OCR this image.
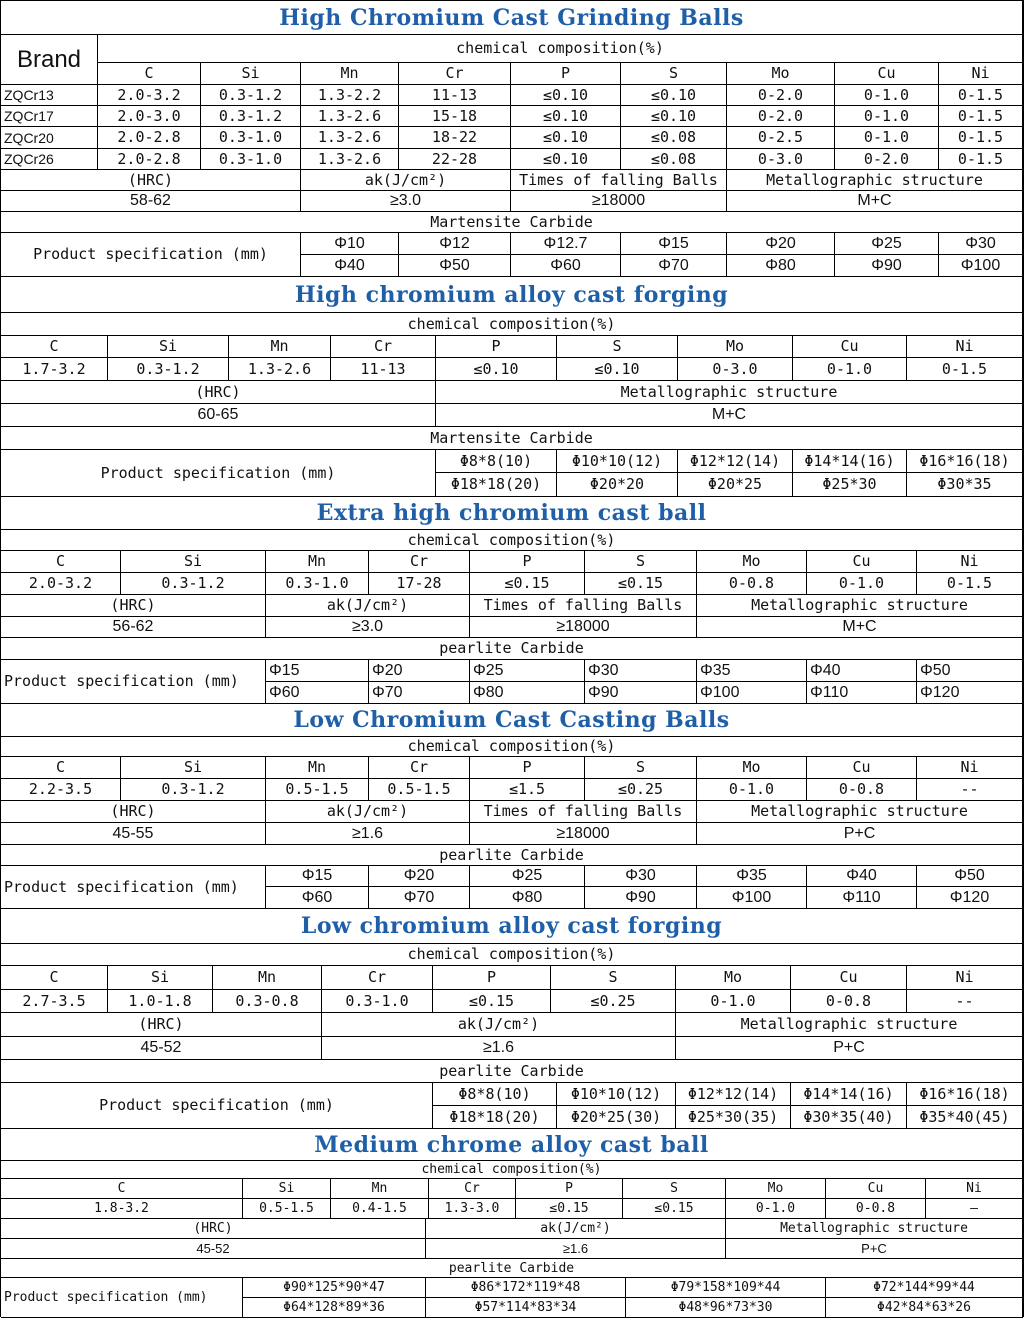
High Chromium Cast Grinding Balls
Brand	chemical composition(%)
C	Si	Mn	Cr	P	S	Mo	Cu	Ni
ZQCr13	2.0-3.2	0.3-1.2	1.3-2.2	11-13	≤0.10	≤0.10	0-2.0	0-1.0	0-1.5
ZQCr17	2.0-3.0	0.3-1.2	1.3-2.6	15-18	≤0.10	≤0.10	0-2.0	0-1.0	0-1.5
ZQCr20	2.0-2.8	0.3-1.0	1.3-2.6	18-22	≤0.10	≤0.08	0-2.5	0-1.0	0-1.5
ZQCr26	2.0-2.8	0.3-1.0	1.3-2.6	22-28	≤0.10	≤0.08	0-3.0	0-2.0	0-1.5
(HRC)	ak(J/cm²)	Times of falling Balls	Metallographic structure
58-62	≥3.0	≥18000	M+C
Martensite Carbide
Product specification (mm)
Φ10	Φ12	Φ12.7	Φ15	Φ20	Φ25	Φ30
Φ40	Φ50	Φ60	Φ70	Φ80	Φ90	Φ100
High chromium alloy cast forging
chemical composition(%)
C	Si	Mn	Cr	P	S	Mo	Cu	Ni
1.7-3.2	0.3-1.2	1.3-2.6	11-13	≤0.10	≤0.10	0-3.0	0-1.0	0-1.5
(HRC)	Metallographic structure
60-65	M+C
Martensite Carbide
Product specification (mm)
Φ8*8(10)	Φ10*10(12)	Φ12*12(14)	Φ14*14(16)	Φ16*16(18)
Φ18*18(20)	Φ20*20	Φ20*25	Φ25*30	Φ30*35
Extra high chromium cast ball
chemical composition(%)
C	Si	Mn	Cr	P	S	Mo	Cu	Ni
2.0-3.2	0.3-1.2	0.3-1.0	17-28	≤0.15	≤0.15	0-0.8	0-1.0	0-1.5
(HRC)	ak(J/cm²)	Times of falling Balls	Metallographic structure
56-62	≥3.0	≥18000	M+C
pearlite Carbide
Product specification (mm)
Φ15	Φ20	Φ25	Φ30	Φ35	Φ40	Φ50
Φ60	Φ70	Φ80	Φ90	Φ100	Φ110	Φ120
Low Chromium Cast Casting Balls
chemical composition(%)
C	Si	Mn	Cr	P	S	Mo	Cu	Ni
2.2-3.5	0.3-1.2	0.5-1.5	0.5-1.5	≤1.5	≤0.25	0-1.0	0-0.8	--
(HRC)	ak(J/cm²)	Times of falling Balls	Metallographic structure
45-55	≥1.6	≥18000	P+C
pearlite Carbide
Product specification (mm)
Φ15	Φ20	Φ25	Φ30	Φ35	Φ40	Φ50
Φ60	Φ70	Φ80	Φ90	Φ100	Φ110	Φ120
Low chromium alloy cast forging
chemical composition(%)
C	Si	Mn	Cr	P	S	Mo	Cu	Ni
2.7-3.5	1.0-1.8	0.3-0.8	0.3-1.0	≤0.15	≤0.25	0-1.0	0-0.8	--
(HRC)	ak(J/cm²)	Metallographic structure
45-52	≥1.6	P+C
pearlite Carbide
Product specification (mm)
Φ8*8(10)	Φ10*10(12)	Φ12*12(14)	Φ14*14(16)	Φ16*16(18)
Φ18*18(20)	Φ20*25(30)	Φ25*30(35)	Φ30*35(40)	Φ35*40(45)
Medium chrome alloy cast ball
chemical composition(%)
C	Si	Mn	Cr	P	S	Mo	Cu	Ni
1.8-3.2	0.5-1.5	0.4-1.5	1.3-3.0	≤0.15	≤0.15	0-1.0	0-0.8	—
(HRC)	ak(J/cm²)	Metallographic structure
45-52	≥1.6	P+C
pearlite Carbide
Product specification (mm)
Φ90*125*90*47	Φ86*172*119*48	Φ79*158*109*44	Φ72*144*99*44
Φ64*128*89*36	Φ57*114*83*34	Φ48*96*73*30	Φ42*84*63*26
